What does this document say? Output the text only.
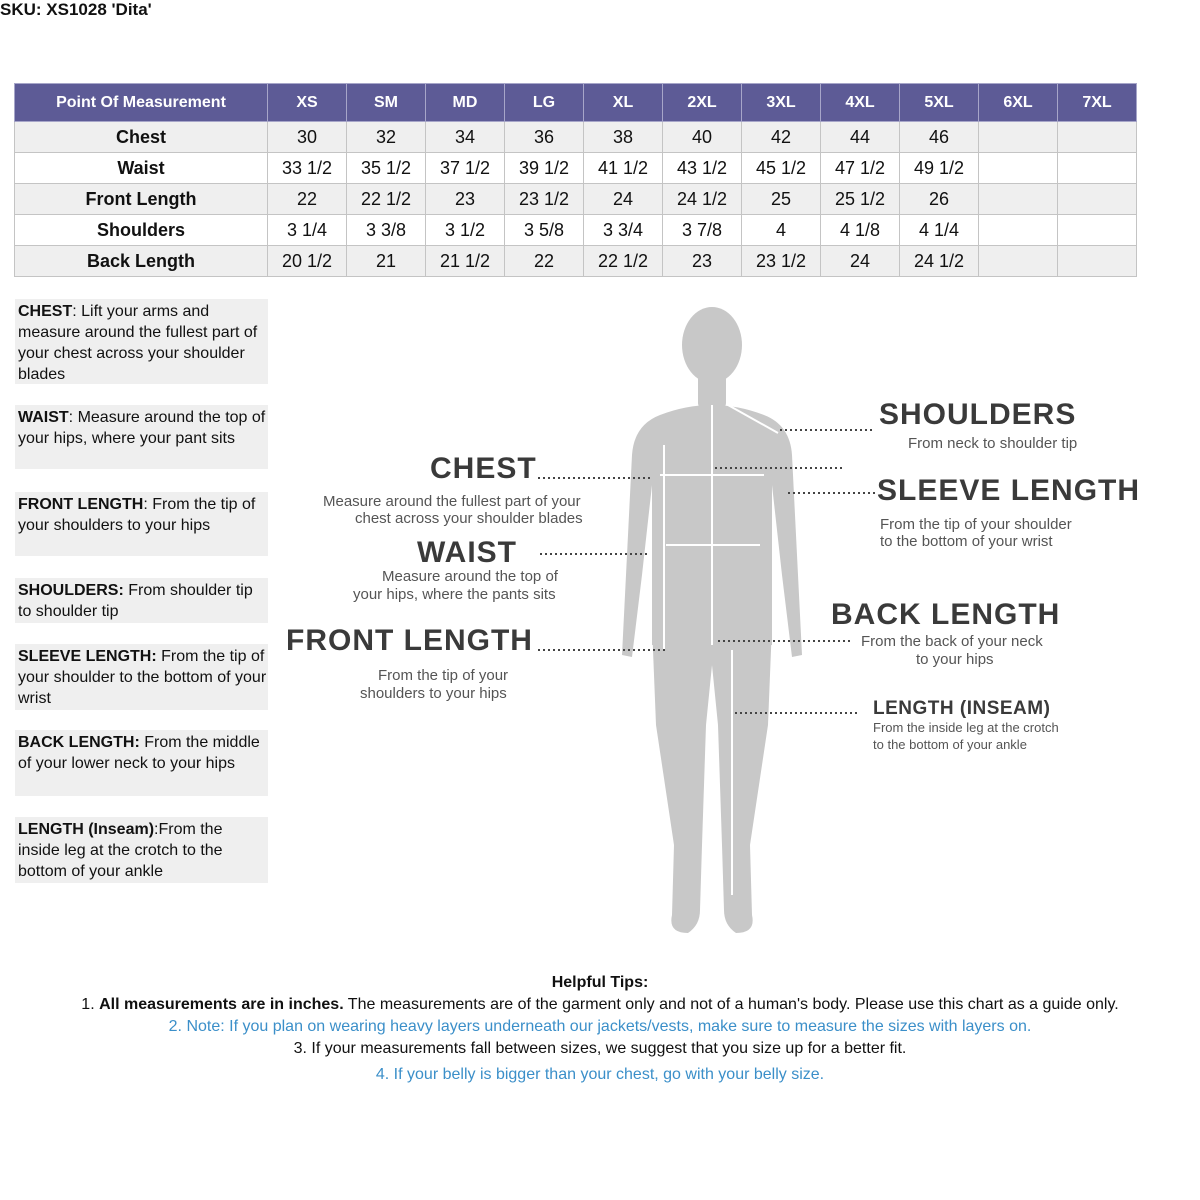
SKU: XS1028 'Dita'
Point Of Measurement	XS	SM	MD	LG	XL	2XL	3XL	4XL	5XL	6XL	7XL
Chest	30	32	34	36	38	40	42	44	46		
Waist	33 1/2	35 1/2	37 1/2	39 1/2	41 1/2	43 1/2	45 1/2	47 1/2	49 1/2		
Front Length	22	22 1/2	23	23 1/2	24	24 1/2	25	25 1/2	26		
Shoulders	3 1/4	3 3/8	3 1/2	3 5/8	3 3/4	3 7/8	4	4 1/8	4 1/4		
Back Length	20 1/2	21	21 1/2	22	22 1/2	23	23 1/2	24	24 1/2		
CHEST: Lift your arms and measure around the fullest part of your chest across your shoulder blades
WAIST: Measure around the top of your hips, where your pant sits
FRONT LENGTH: From the tip of your shoulders to your hips
SHOULDERS: From shoulder tip to shoulder tip
SLEEVE LENGTH: From the tip of your shoulder to the bottom of your wrist
BACK LENGTH: From the middle of your lower neck to your hips
LENGTH (Inseam):From the inside leg at the crotch to the bottom of your ankle
SHOULDERS
From neck to shoulder tip
CHEST
Measure around the fullest part of your
chest across your shoulder blades
SLEEVE LENGTH
From the tip of your shoulder
to the bottom of your wrist
WAIST
Measure around the top of
your hips, where the pants sits
BACK LENGTH
From the back of your neck
to your hips
FRONT LENGTH
From the tip of your
shoulders to your hips
LENGTH (INSEAM)
From the inside leg at the crotch
to the bottom of your ankle
Helpful Tips:
1. All measurements are in inches. The measurements are of the garment only and not of a human's body. Please use this chart as a guide only.
2. Note: If you plan on wearing heavy layers underneath our jackets/vests, make sure to measure the sizes with layers on.
3. If your measurements fall between sizes, we suggest that you size up for a better fit.
4. If your belly is bigger than your chest, go with your belly size.
